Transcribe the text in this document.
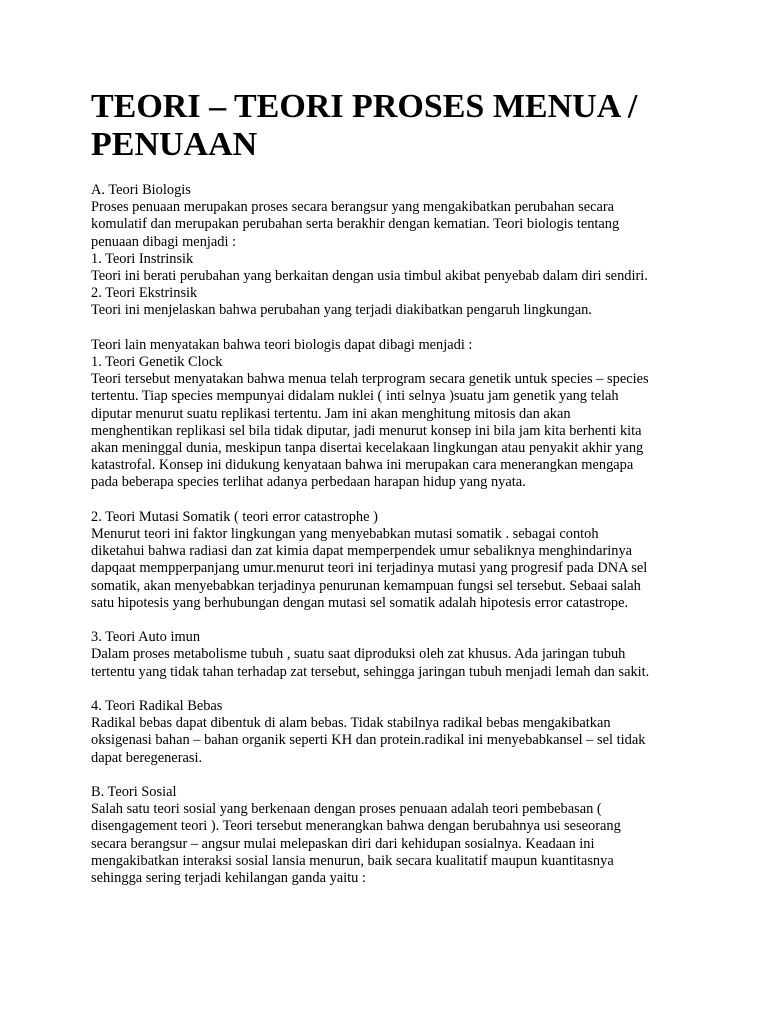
TEORI – TEORI PROSES MENUA /
PENUAAN
A. Teori Biologis
Proses penuaan merupakan proses secara berangsur yang mengakibatkan perubahan secara
komulatif dan merupakan perubahan serta berakhir dengan kematian. Teori biologis tentang
penuaan dibagi menjadi :
1. Teori Instrinsik
Teori ini berati perubahan yang berkaitan dengan usia timbul akibat penyebab dalam diri sendiri.
2. Teori Ekstrinsik
Teori ini menjelaskan bahwa perubahan yang terjadi diakibatkan pengaruh lingkungan.
Teori lain menyatakan bahwa teori biologis dapat dibagi menjadi :
1. Teori Genetik Clock
Teori tersebut menyatakan bahwa menua telah terprogram secara genetik untuk species – species
tertentu. Tiap species mempunyai didalam nuklei ( inti selnya )suatu jam genetik yang telah
diputar menurut suatu replikasi tertentu. Jam ini akan menghitung mitosis dan akan
menghentikan replikasi sel bila tidak diputar, jadi menurut konsep ini bila jam kita berhenti kita
akan meninggal dunia, meskipun tanpa disertai kecelakaan lingkungan atau penyakit akhir yang
katastrofal. Konsep ini didukung kenyataan bahwa ini merupakan cara menerangkan mengapa
pada beberapa species terlihat adanya perbedaan harapan hidup yang nyata.
2. Teori Mutasi Somatik ( teori error catastrophe )
Menurut teori ini faktor lingkungan yang menyebabkan mutasi somatik . sebagai contoh
diketahui bahwa radiasi dan zat kimia dapat memperpendek umur sebaliknya menghindarinya
dapqaat mempperpanjang umur.menurut teori ini terjadinya mutasi yang progresif pada DNA sel
somatik, akan menyebabkan terjadinya penurunan kemampuan fungsi sel tersebut. Sebaai salah
satu hipotesis yang berhubungan dengan mutasi sel somatik adalah hipotesis error catastrope.
3. Teori Auto imun
Dalam proses metabolisme tubuh , suatu saat diproduksi oleh zat khusus. Ada jaringan tubuh
tertentu yang tidak tahan terhadap zat tersebut, sehingga jaringan tubuh menjadi lemah dan sakit.
4. Teori Radikal Bebas
Radikal bebas dapat dibentuk di alam bebas. Tidak stabilnya radikal bebas mengakibatkan
oksigenasi bahan – bahan organik seperti KH dan protein.radikal ini menyebabkansel – sel tidak
dapat beregenerasi.
B. Teori Sosial
Salah satu teori sosial yang berkenaan dengan proses penuaan adalah teori pembebasan (
disengagement teori ). Teori tersebut menerangkan bahwa dengan berubahnya usi seseorang
secara berangsur – angsur mulai melepaskan diri dari kehidupan sosialnya. Keadaan ini
mengakibatkan interaksi sosial lansia menurun, baik secara kualitatif maupun kuantitasnya
sehingga sering terjadi kehilangan ganda yaitu :
